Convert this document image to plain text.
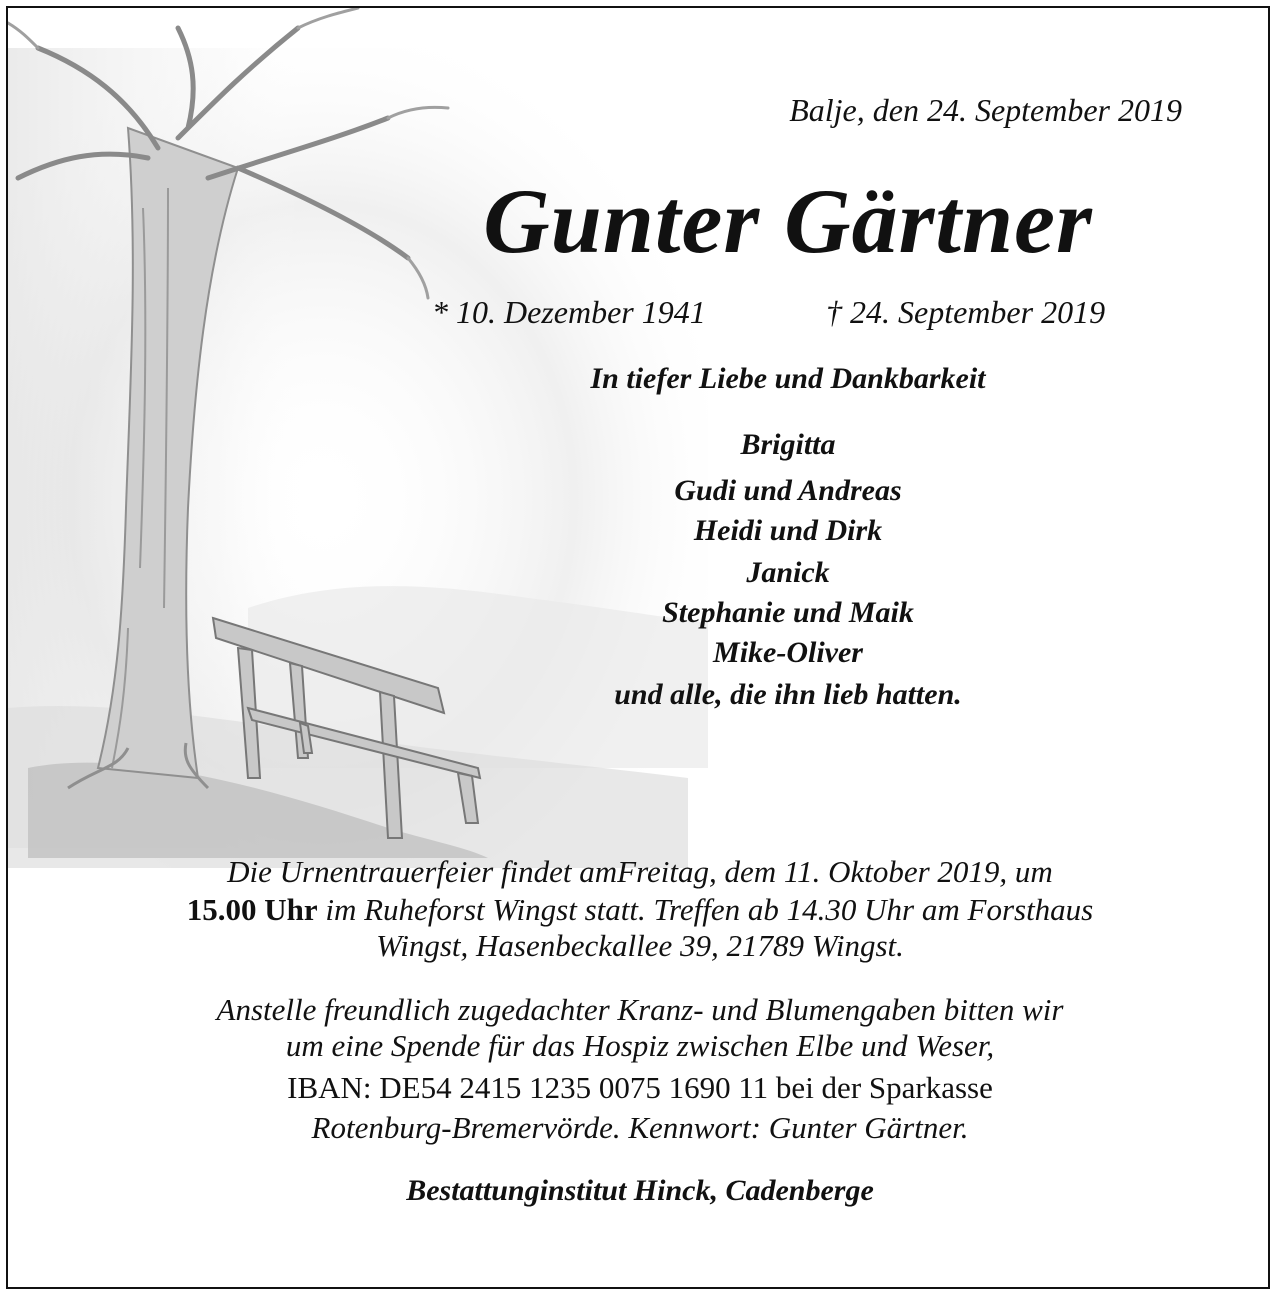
Balje, den 24. September 2019
Gunter Gärtner
* 10. Dezember 1941	† 24. September 2019
In tiefer Liebe und Dankbarkeit
Brigitta
Gudi und Andreas
Heidi und Dirk
Janick
Stephanie und Maik
Mike-Oliver
und alle, die ihn lieb hatten.
Die Urnentrauerfeier findet amFreitag, dem 11. Oktober 2019, um
15.00 Uhr im Ruheforst Wingst statt. Treffen ab 14.30 Uhr am Forsthaus
Wingst, Hasenbeckallee 39, 21789 Wingst.
Anstelle freundlich zugedachter Kranz- und Blumengaben bitten wir
um eine Spende für das Hospiz zwischen Elbe und Weser,
IBAN: DE54 2415 1235 0075 1690 11 bei der Sparkasse
Rotenburg-Bremervörde. Kennwort: Gunter Gärtner.
Bestattunginstitut Hinck, Cadenberge
